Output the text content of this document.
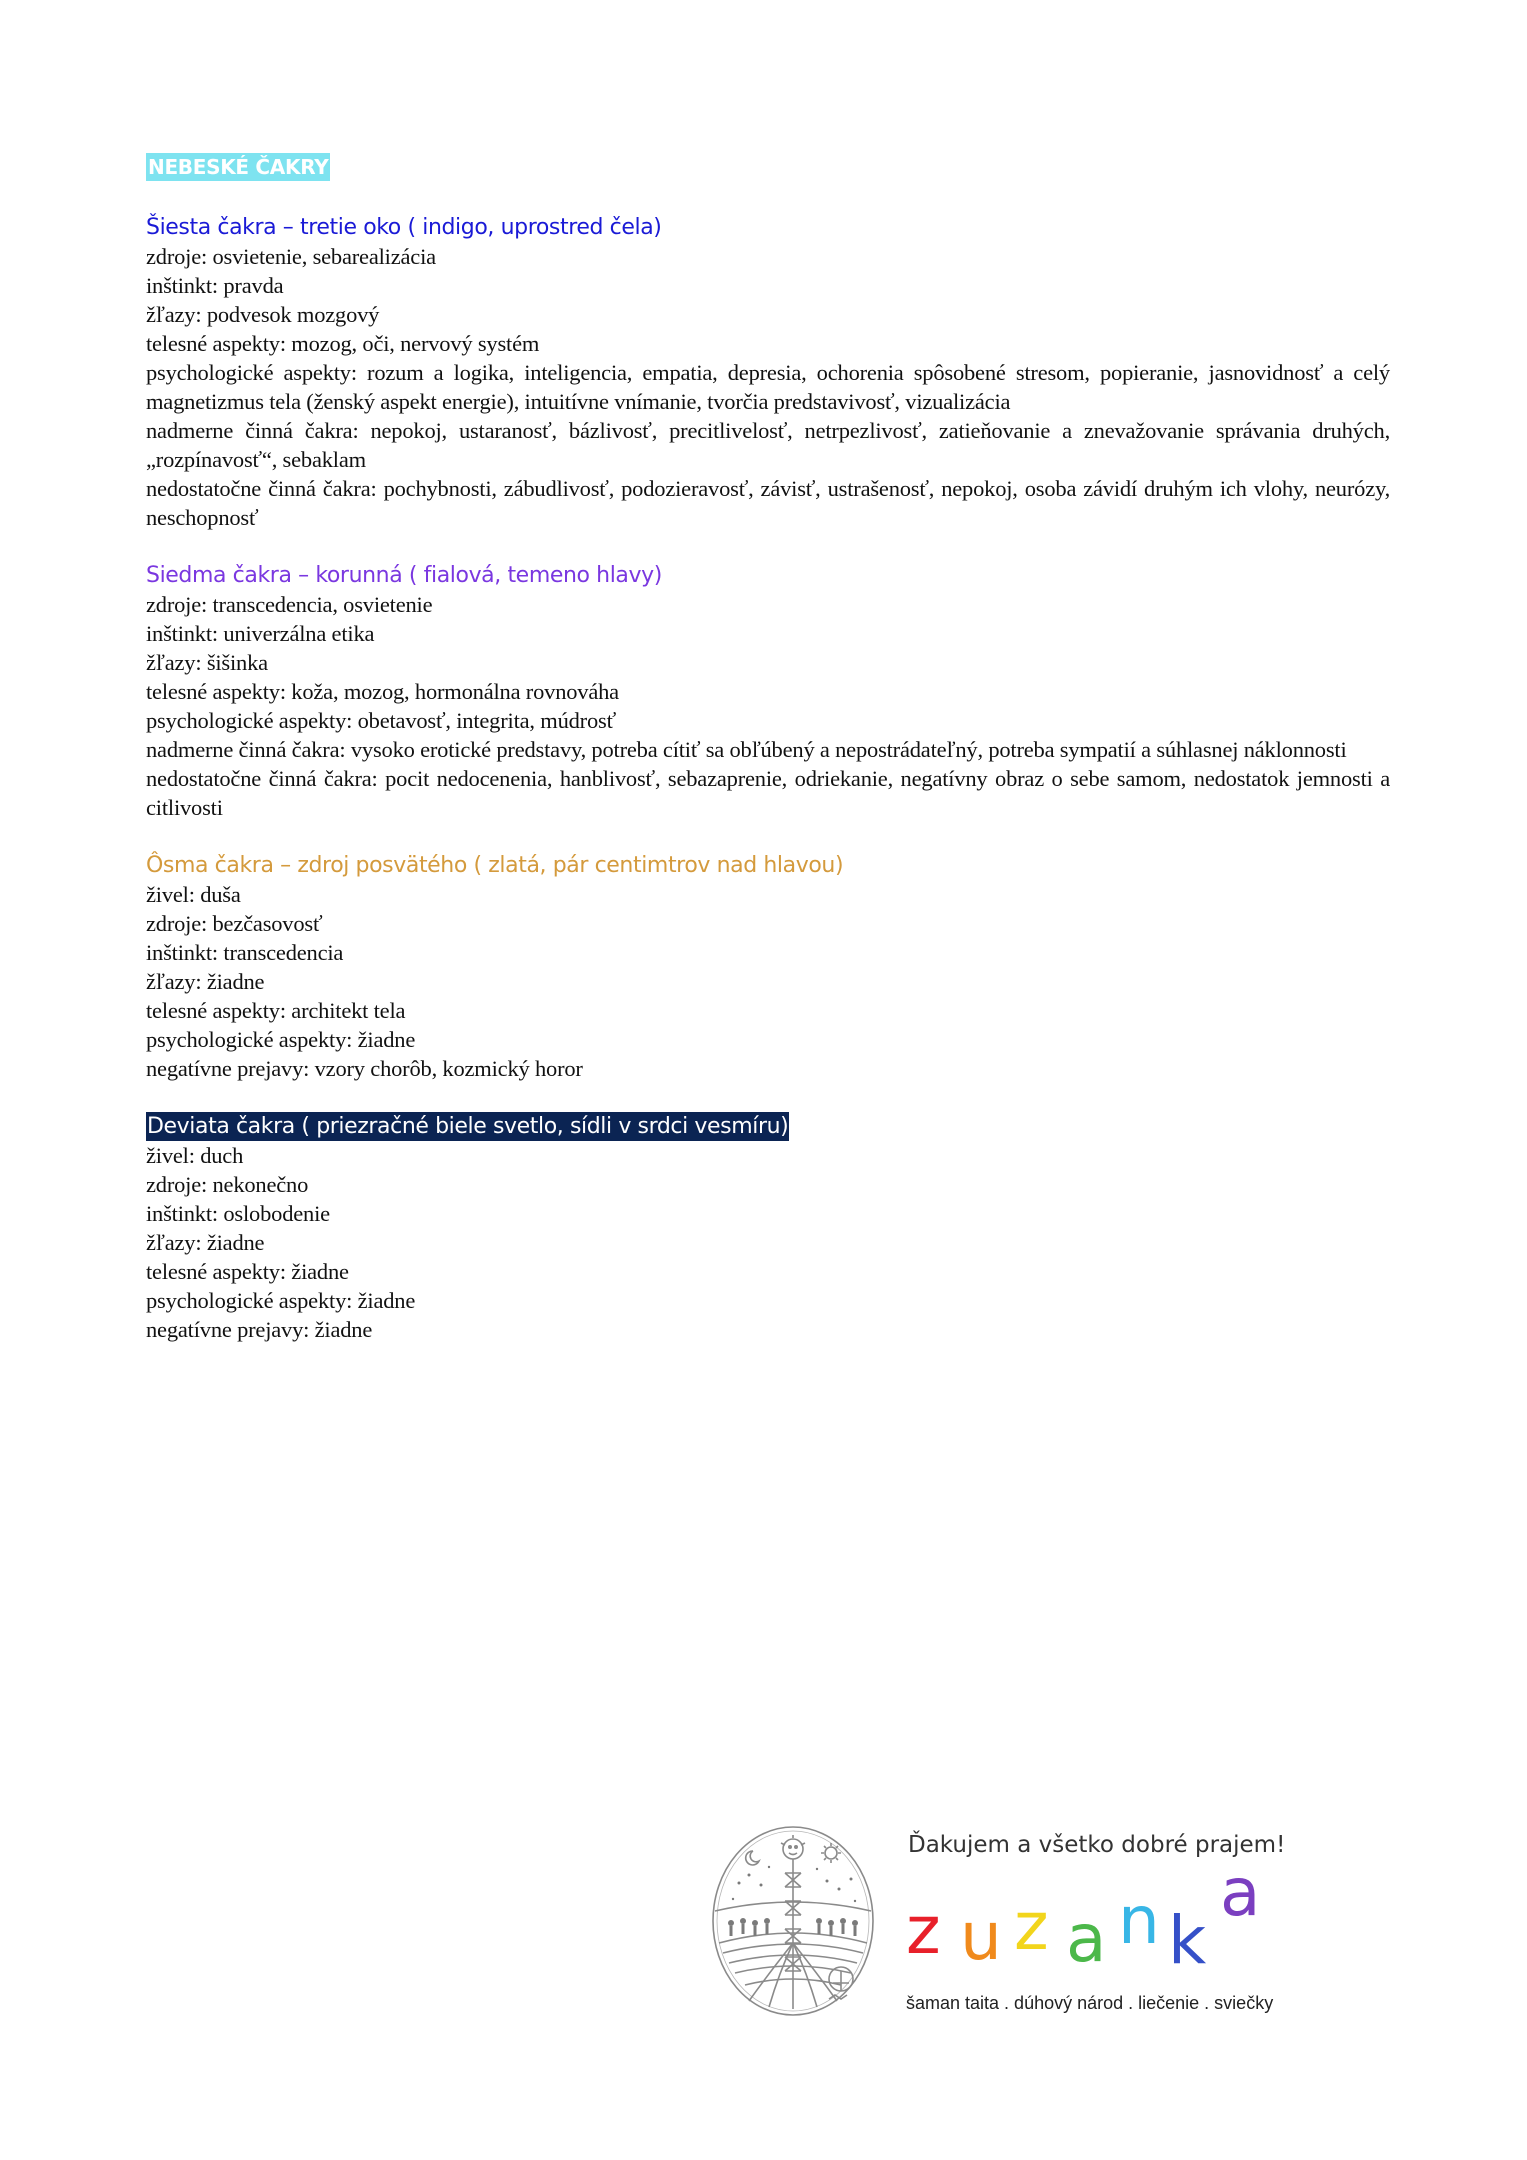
NEBESKÉ ČAKRY

Šiesta čakra – tretie oko ( indigo, uprostred čela)

zdroje: osvietenie, sebarealizácia

inštinkt: pravda

žľazy: podvesok mozgový

telesné aspekty: mozog, oči, nervový systém

psychologické aspekty: rozum a logika, inteligencia, empatia, depresia, ochorenia spôsobené stresom, popieranie, jasnovidnosť a celý magnetizmus tela (ženský aspekt energie), intuitívne vnímanie, tvorčia predstavivosť, vizualizácia

nadmerne činná čakra: nepokoj, ustaranosť, bázlivosť, precitlivelosť, netrpezlivosť, zatieňovanie a znevažovanie správania druhých, „rozpínavosť“, sebaklam

nedostatočne činná čakra: pochybnosti, zábudlivosť, podozieravosť, závisť, ustrašenosť, nepokoj, osoba závidí druhým ich vlohy, neurózy, neschopnosť

Siedma čakra – korunná ( fialová, temeno hlavy)

zdroje: transcedencia, osvietenie

inštinkt: univerzálna etika

žľazy: šišinka

telesné aspekty: koža, mozog, hormonálna rovnováha

psychologické aspekty: obetavosť, integrita, múdrosť

nadmerne činná čakra: vysoko erotické predstavy, potreba cítiť sa obľúbený a nepostrádateľný, potreba sympatií a súhlasnej náklonnosti

nedostatočne činná čakra: pocit nedocenenia, hanblivosť, sebazaprenie, odriekanie, negatívny obraz o sebe samom, nedostatok jemnosti a citlivosti

Ôsma čakra – zdroj posvätého ( zlatá, pár centimtrov nad hlavou)

živel: duša

zdroje: bezčasovosť

inštinkt: transcedencia

žľazy: žiadne

telesné aspekty: architekt tela

psychologické aspekty: žiadne

negatívne prejavy: vzory chorôb, kozmický horor

Deviata čakra ( priezračné biele svetlo, sídli v srdci vesmíru)

živel: duch

zdroje: nekonečno

inštinkt: oslobodenie

žľazy: žiadne

telesné aspekty: žiadne

psychologické aspekty: žiadne

negatívne prejavy: žiadne

Ďakujem a všetko dobré prajem!
z u z a n k
a
šaman taita . dúhový národ . liečenie . sviečky
